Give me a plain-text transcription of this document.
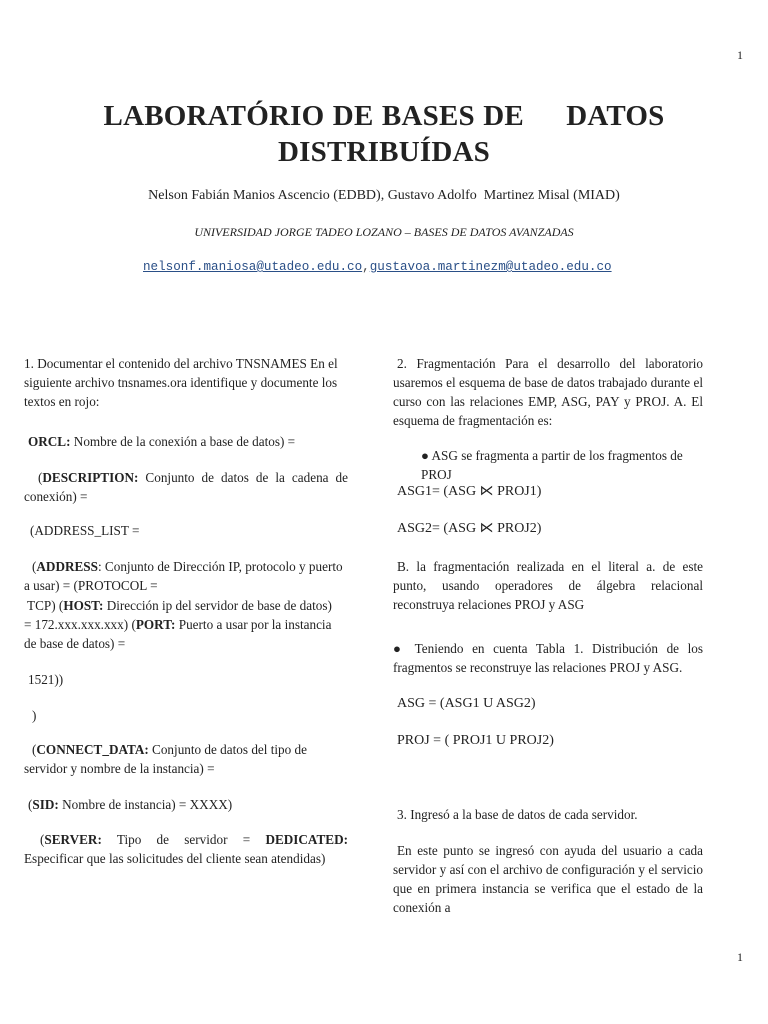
1
LABORATÓRIO DE BASES DE     DATOS
DISTRIBUÍDAS
Nelson Fabián Manios Ascencio (EDBD), Gustavo Adolfo  Martinez Misal (MIAD)
UNIVERSIDAD JORGE TADEO LOZANO – BASES DE DATOS AVANZADAS
nelsonf.maniosa@utadeo.edu.co,gustavoa.martinezm@utadeo.edu.co
1. Documentar el contenido del archivo TNSNAMES En el siguiente archivo tnsnames.ora identifique y documente los textos en rojo:
ORCL: Nombre de la conexión a base de datos) =
(DESCRIPTION: Conjunto de datos de la cadena de conexión) =
(ADDRESS_LIST =
(ADDRESS: Conjunto de Dirección IP, protocolo y puerto a usar) = (PROTOCOL =
TCP) (HOST: Dirección ip del servidor de base de datos)
= 172.xxx.xxx.xxx) (PORT: Puerto a usar por la instancia
de base de datos) =
1521))
)
(CONNECT_DATA: Conjunto de datos del tipo de servidor y nombre de la instancia) =
(SID: Nombre de instancia) = XXXX)
(SERVER: Tipo de servidor = DEDICATED: Especificar que las solicitudes del cliente sean atendidas)
2. Fragmentación Para el desarrollo del laboratorio usaremos el esquema de base de datos trabajado durante el curso con las relaciones EMP, ASG, PAY y PROJ. A. El esquema de fragmentación es:
● ASG se fragmenta a partir de los fragmentos de PROJ
ASG1= (ASG ⋉ PROJ1)
ASG2= (ASG ⋉ PROJ2)
B. la fragmentación realizada en el literal a. de este punto, usando operadores de álgebra relacional reconstruya relaciones PROJ y ASG
● Teniendo en cuenta Tabla 1. Distribución de los fragmentos se reconstruye las relaciones PROJ y ASG.
ASG = (ASG1 U ASG2)
PROJ = ( PROJ1 U PROJ2)
3. Ingresó a la base de datos de cada servidor.
En este punto se ingresó con ayuda del usuario a cada servidor y así con el archivo de configuración y el servicio que en primera instancia se verifica que el estado de la conexión a
1
